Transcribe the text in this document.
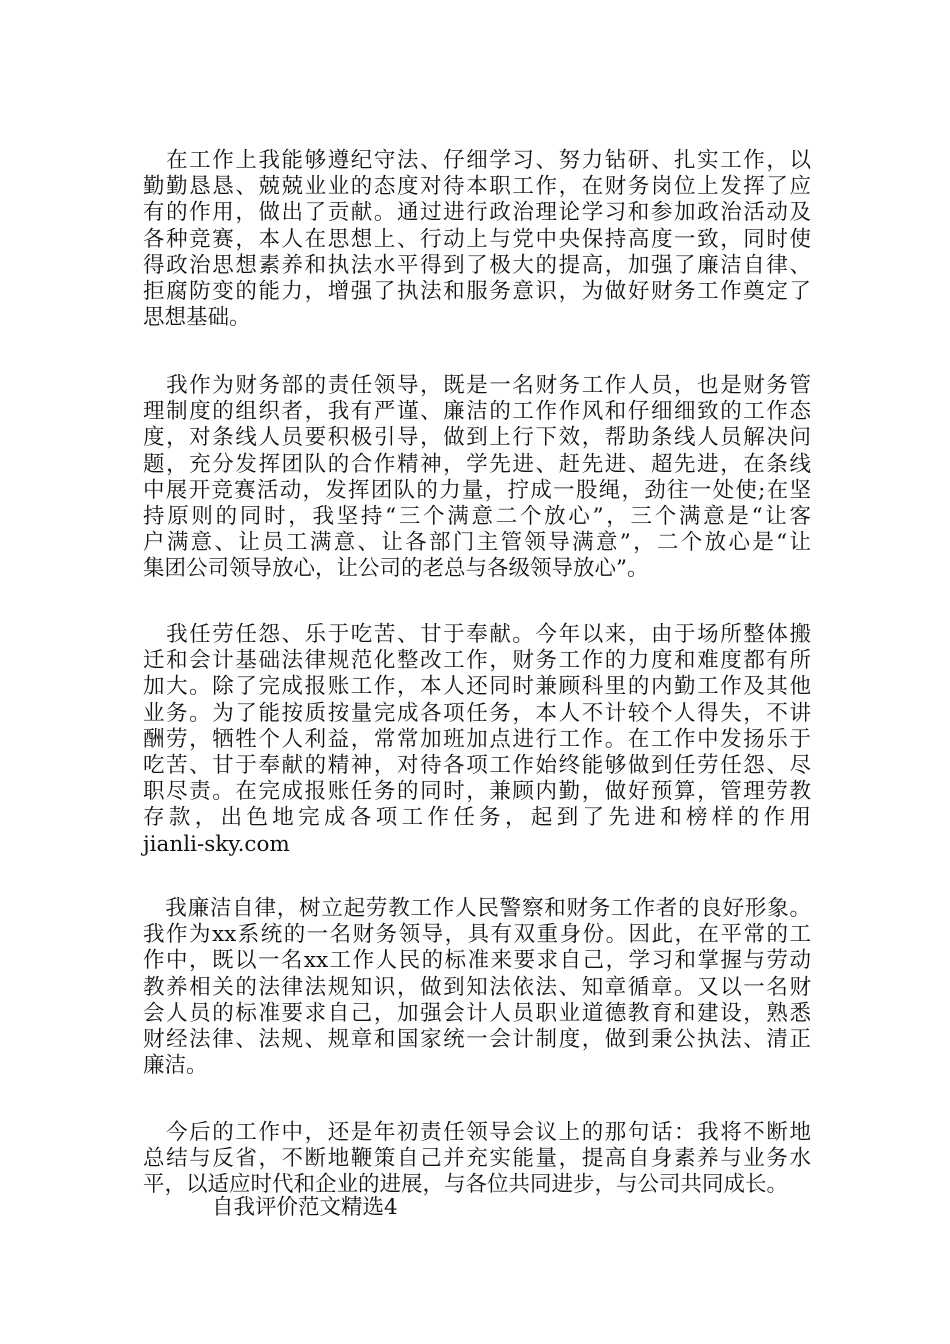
　在工作上我能够遵纪守法、仔细学习、努力钻研、扎实工作，以
勤勤恳恳、兢兢业业的态度对待本职工作，在财务岗位上发挥了应
有的作用，做出了贡献。通过进行政治理论学习和参加政治活动及
各种竞赛，本人在思想上、行动上与党中央保持高度一致，同时使
得政治思想素养和执法水平得到了极大的提高，加强了廉洁自律、
拒腐防变的能力，增强了执法和服务意识，为做好财务工作奠定了
思想基础。
　我作为财务部的责任领导，既是一名财务工作人员，也是财务管
理制度的组织者，我有严谨、廉洁的工作作风和仔细细致的工作态
度，对条线人员要积极引导，做到上行下效，帮助条线人员解决问
题，充分发挥团队的合作精神，学先进、赶先进、超先进，在条线
中展开竞赛活动，发挥团队的力量，拧成一股绳，劲往一处使;在坚
持原则的同时，我坚持“三个满意二个放心”，三个满意是“让客
户满意、让员工满意、让各部门主管领导满意”，二个放心是“让
集团公司领导放心，让公司的老总与各级领导放心”。
　我任劳任怨、乐于吃苦、甘于奉献。今年以来，由于场所整体搬
迁和会计基础法律规范化整改工作，财务工作的力度和难度都有所
加大。除了完成报账工作，本人还同时兼顾科里的内勤工作及其他
业务。为了能按质按量完成各项任务，本人不计较个人得失，不讲
酬劳，牺牲个人利益，常常加班加点进行工作。在工作中发扬乐于
吃苦、甘于奉献的精神，对待各项工作始终能够做到任劳任怨、尽
职尽责。在完成报账任务的同时，兼顾内勤，做好预算，管理劳教
存款，出色地完成各项工作任务，起到了先进和榜样的作用
jianli-sky.com
　我廉洁自律，树立起劳教工作人民警察和财务工作者的良好形象。
我作为xx系统的一名财务领导，具有双重身份。因此，在平常的工
作中，既以一名xx工作人民的标准来要求自己，学习和掌握与劳动
教养相关的法律法规知识，做到知法依法、知章循章。又以一名财
会人员的标准要求自己，加强会计人员职业道德教育和建设，熟悉
财经法律、法规、规章和国家统一会计制度，做到秉公执法、清正
廉洁。
　今后的工作中，还是年初责任领导会议上的那句话：我将不断地
总结与反省，不断地鞭策自己并充实能量，提高自身素养与业务水
平，以适应时代和企业的进展，与各位共同进步，与公司共同成长。
自我评价范文精选4
